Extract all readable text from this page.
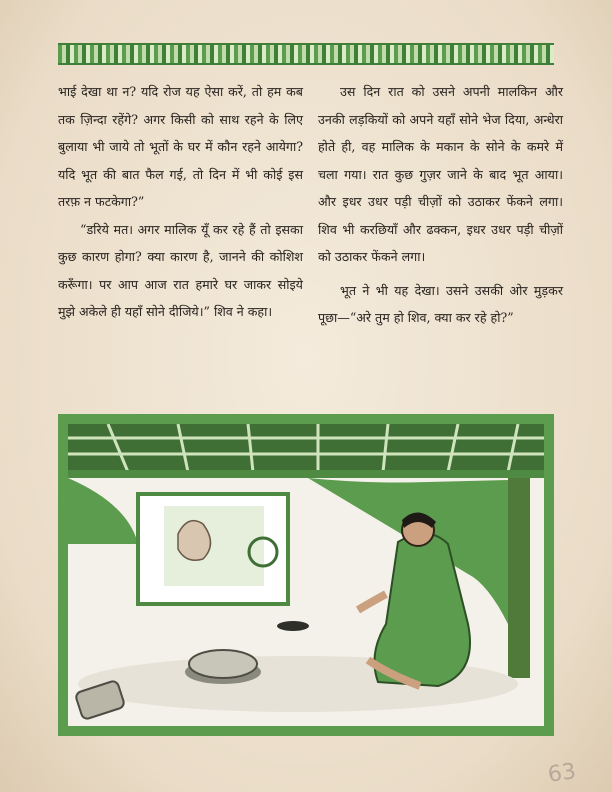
भाई देखा था न? यदि रोज यह ऐसा करें, तो हम कब तक ज़िन्दा रहेंगे? अगर किसी को साथ रहने के लिए बुलाया भी जाये तो भूतों के घर में कौन रहने आयेगा? यदि भूत की बात फैल गई, तो दिन में भी कोई इस तरफ़ न फटकेगा?”

“डरिये मत। अगर मालिक यूँ कर रहे हैं तो इसका कुछ कारण होगा? क्या कारण है, जानने की कोशिश करूँगा। पर आप आज रात हमारे घर जाकर सोइये मुझे अकेले ही यहाँ सोने दीजिये।” शिव ने कहा।

उस दिन रात को उसने अपनी मालकिन और उनकी लड़कियों को अपने यहाँ सोने भेज दिया, अन्धेरा होते ही, वह मालिक के मकान के सोने के कमरे में चला गया। रात कुछ गुज़र जाने के बाद भूत आया। और इधर उधर पड़ी चीज़ों को उठाकर फेंकने लगा। शिव भी करछियाँ और ढक्कन, इधर उधर पड़ी चीज़ों को उठाकर फेंकने लगा।

भूत ने भी यह देखा। उसने उसकी ओर मुड़कर पूछा—“अरे तुम हो शिव, क्या कर रहे हो?”

63
